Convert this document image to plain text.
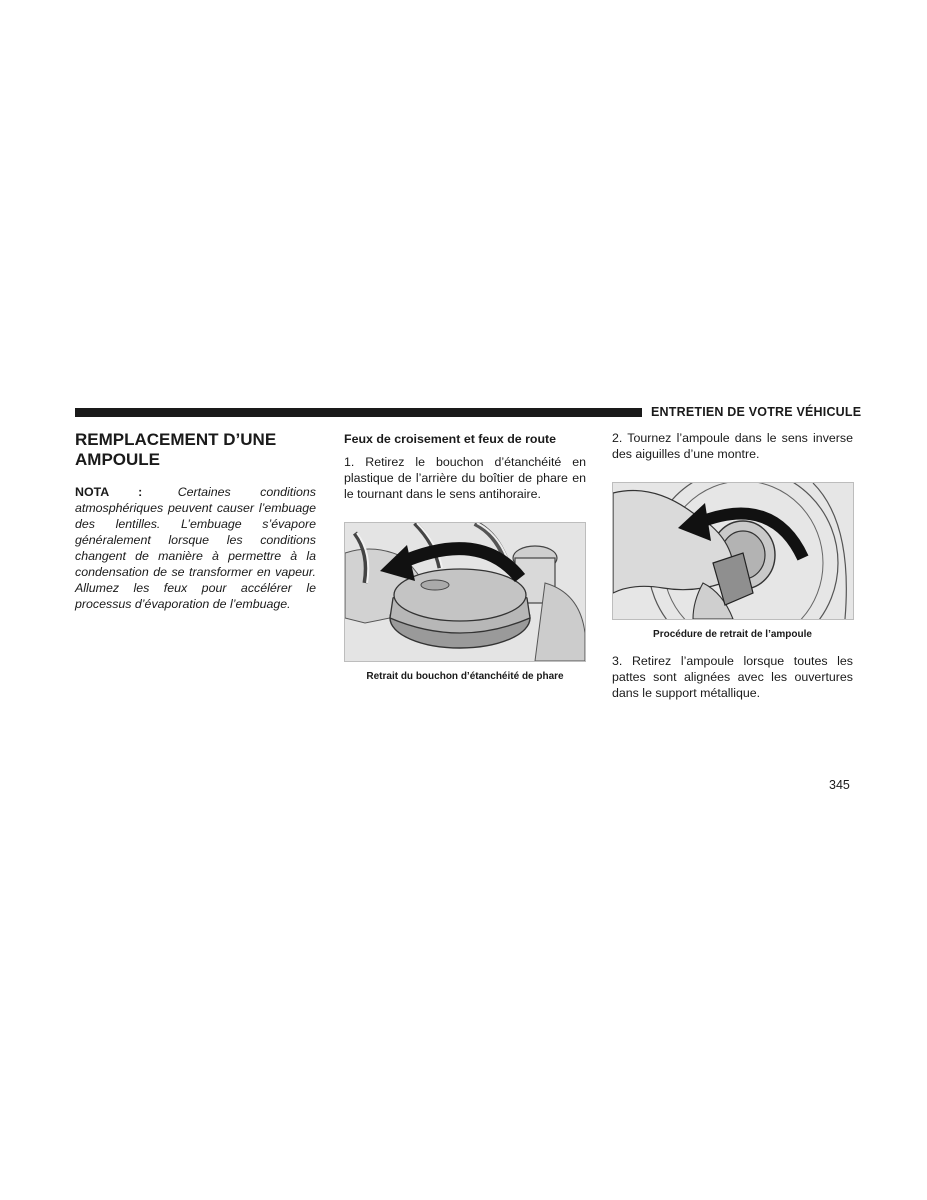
ENTRETIEN DE VOTRE VÉHICULE
REMPLACEMENT D’UNE AMPOULE

NOTA :	Certaines conditions atmosphériques peuvent causer l’embuage des lentilles. L’embuage s’évapore généralement lorsque les conditions changent de manière à permettre à la condensation de se transformer en vapeur. Allumez les feux pour accélérer le processus d’évaporation de l’embuage.

Feux de croisement et feux de route

1. Retirez le bouchon d’étanchéité en plastique de l’arrière du boîtier de phare en le tournant dans le sens antihoraire.

Retrait du bouchon d’étanchéité de phare

2. Tournez l’ampoule dans le sens inverse des aiguilles d’une montre.

Procédure de retrait de l’ampoule

3. Retirez l’ampoule lorsque toutes les pattes sont alignées avec les ouvertures dans le support métallique.

345
